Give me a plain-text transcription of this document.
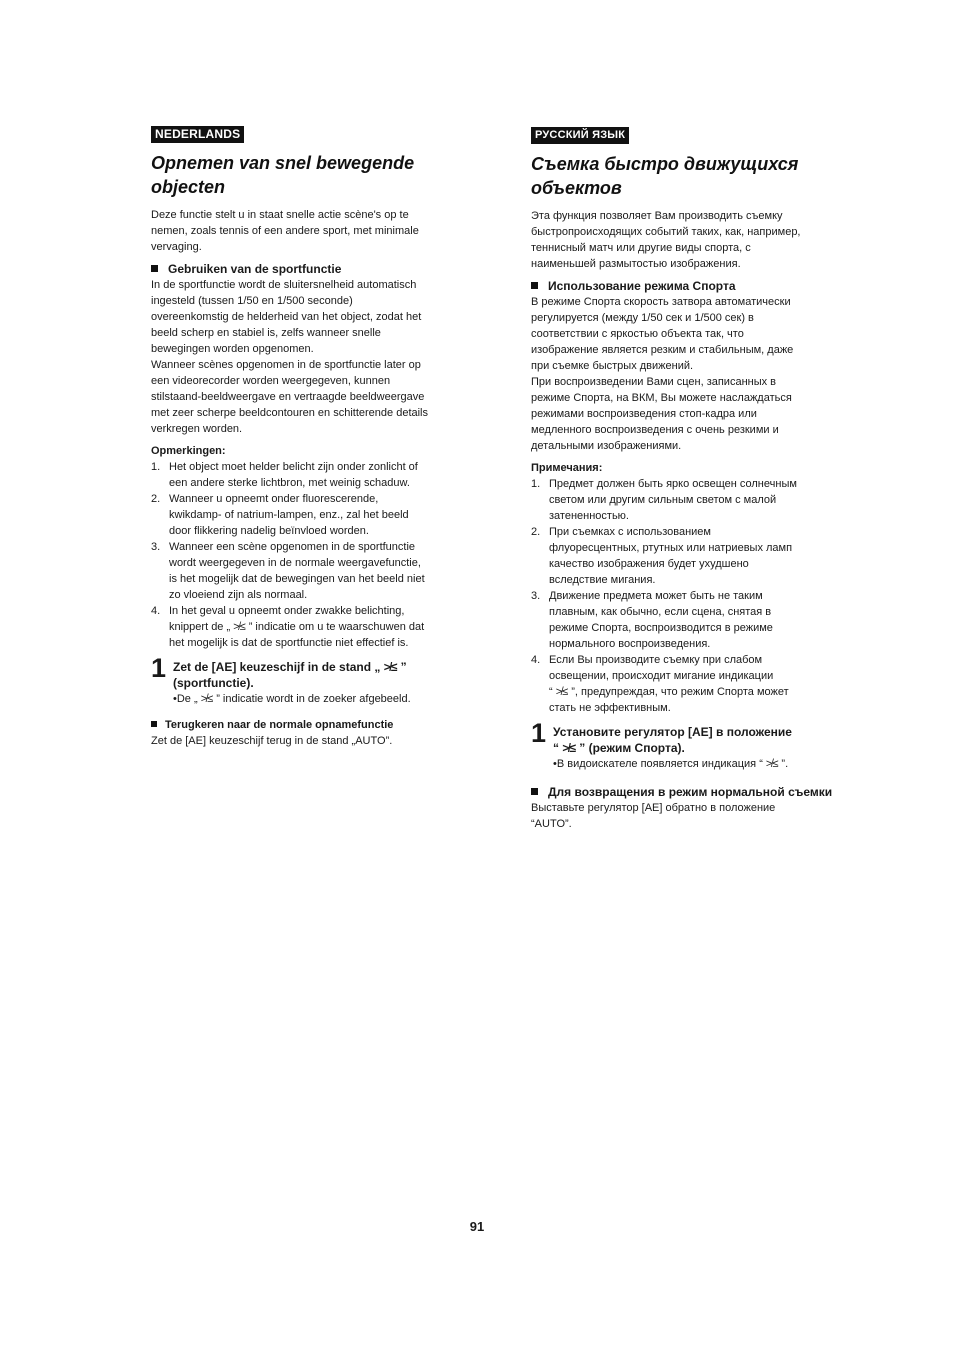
NEDERLANDS
Opnemen van snel bewegende objecten

Deze functie stelt u in staat snelle actie scène's op te
nemen, zoals tennis of een andere sport, met minimale
vervaging.

Gebruiken van de sportfunctie

In de sportfunctie wordt de sluitersnelheid automatisch
ingesteld (tussen 1/50 en 1/500 seconde)
overeenkomstig de helderheid van het object, zodat het
beeld scherp en stabiel is, zelfs wanneer snelle
bewegingen worden opgenomen.
Wanneer scènes opgenomen in de sportfunctie later op
een videorecorder worden weergegeven, kunnen
stilstaand-beeldweergave en vertraagde beeldweergave
met zeer scherpe beeldcontouren en schitterende details
verkregen worden.

Opmerkingen:
1. Het object moet helder belicht zijn onder zonlicht of
een andere sterke lichtbron, met weinig schaduw.
2. Wanneer u opneemt onder fluorescerende,
kwikdamp- of natrium-lampen, enz., zal het beeld
door flikkering nadelig beïnvloed worden.
3. Wanneer een scène opgenomen in de sportfunctie
wordt weergegeven in de normale weergavefunctie,
is het mogelijk dat de bewegingen van het beeld niet
zo vloeiend zijn als normaal.
4. In het geval u opneemt onder zwakke belichting,
knippert de „ ≯≤ ” indicatie om u te waarschuwen dat
het mogelijk is dat de sportfunctie niet effectief is.
1 Zet de [AE] keuzeschijf in de stand „ ≯≤ ”
(sportfunctie).
•De „ ≯≤ ” indicatie wordt in de zoeker afgebeeld.
Terugkeren naar de normale opnamefunctie

Zet de [AE] keuzeschijf terug in de stand „AUTO”.

РУССКИЙ ЯЗЫК
Съемка быстро движущихся объектов

Эта функция позволяет Вам производить съемку
быстропроисходящих событий таких, как, например,
теннисный матч или другие виды спорта, с
наименьшей размытостью изображения.

Использование режима Спорта

В режиме Спорта скорость затвора автоматически
регулируется (между 1/50 сек и 1/500 сек) в
соответствии с яркостью объекта так, что
изображение является резким и стабильным, даже
при съемке быстрых движений.
При воспроизведении Вами сцен, записанных в
режиме Спорта, на ВКМ, Вы можете наслаждаться
режимами воспроизведения стоп-кадра или
медленного воспроизведения с очень резкими и
детальными изображениями.

Примечания:
1. Предмет должен быть ярко освещен солнечным
светом или другим сильным светом с малой
затененностью.
2. При съемках с использованием
флуоресцентных, ртутных или натриевых ламп
качество изображения будет ухудшено
вследствие мигания.
3. Движение предмета может быть не таким
плавным, как обычно, если сцена, снятая в
режиме Спорта, воспроизводится в режиме
нормального воспроизведения.
4. Если Вы производите съемку при слабом
освещении, происходит мигание индикации
“ ≯≤ ”, предупреждая, что режим Спорта может
стать не эффективным.
1 Установите регулятор [AE] в положение
“ ≯≤ ” (режим Спорта).
•В видоискателе появляется индикация “ ≯≤ ”.
Для возвращения в режим нормальной съемки

Выставьте регулятор [AE] обратно в положение
“AUTO”.

91
